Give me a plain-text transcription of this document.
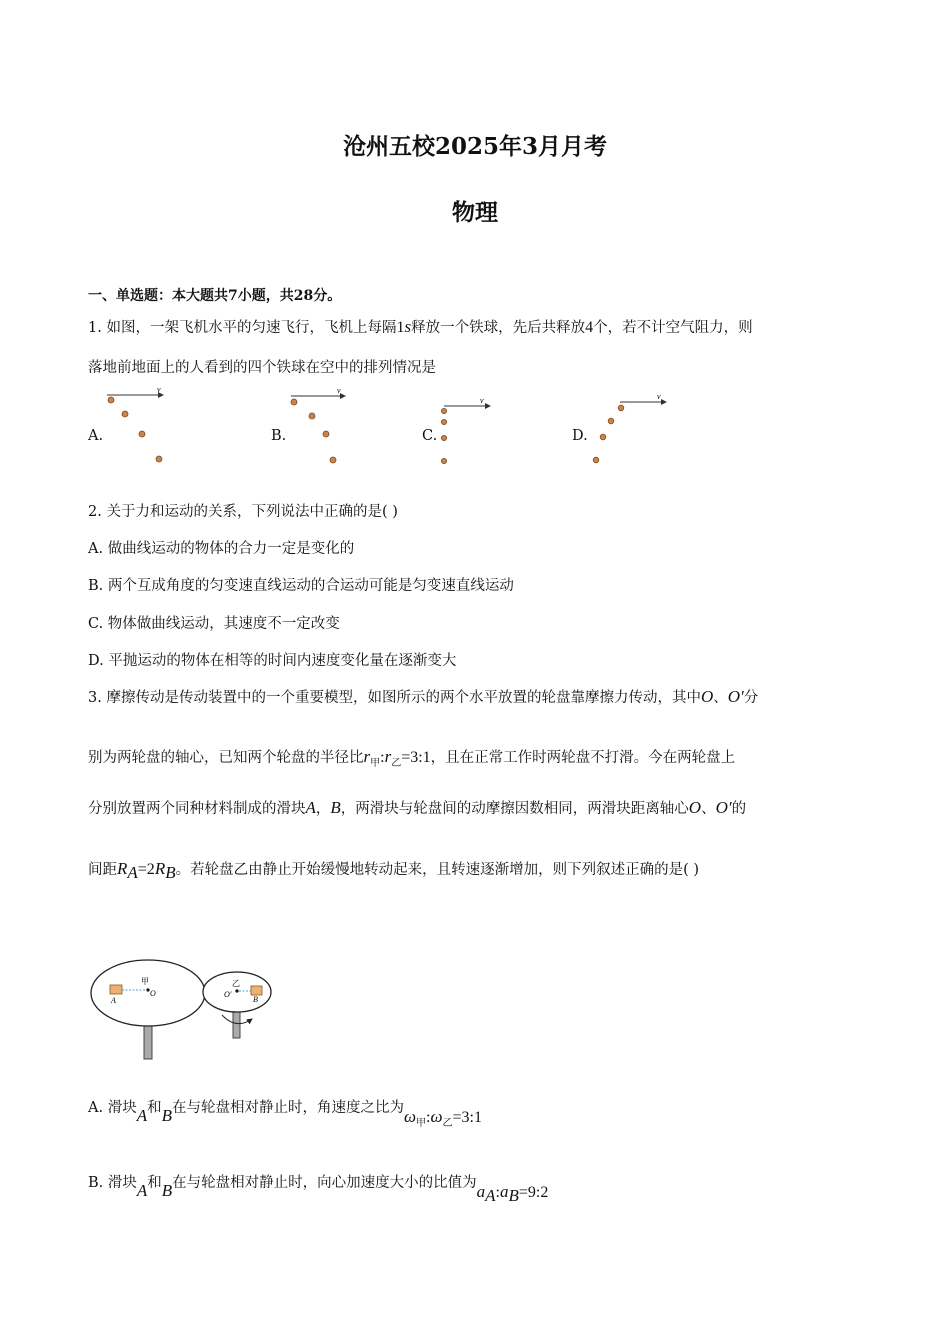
沧州五校2025年3月月考
物理
一、单选题：本大题共7小题，共28分。
1. 如图，一架飞机水平的匀速飞行，飞机上每隔1s释放一个铁球，先后共释放4个，若不计空气阻力，则
落地前地面上的人看到的四个铁球在空中的排列情况是
A.	B.	C.	D.
v	v
v	v
2. 关于力和运动的关系，下列说法中正确的是( )
A. 做曲线运动的物体的合力一定是变化的
B. 两个互成角度的匀变速直线运动的合运动可能是匀变速直线运动
C. 物体做曲线运动，其速度不一定改变
D. 平抛运动的物体在相等的时间内速度变化量在逐渐变大
3. 摩擦传动是传动装置中的一个重要模型，如图所示的两个水平放置的轮盘靠摩擦力传动，其中O、O′分
别为两轮盘的轴心，已知两个轮盘的半径比$r_甲:r_乙=3:1$，且在正常工作时两轮盘不打滑。今在两轮盘上
分别放置两个同种材料制成的滑块A，B，两滑块与轮盘间的动摩擦因数相同，两滑块距离轴心O、O′的
间距$R_A=2R_B$。若轮盘乙由静止开始缓慢地转动起来，且转速逐渐增加，则下列叙述正确的是( )
甲
O
A
乙
O′
B
A. 滑块A和B在与轮盘相对静止时，角速度之比为$\omega_甲:\omega_乙=3:1$
B. 滑块A和B在与轮盘相对静止时，向心加速度大小的比值为$a_A:a_B=9:2$
